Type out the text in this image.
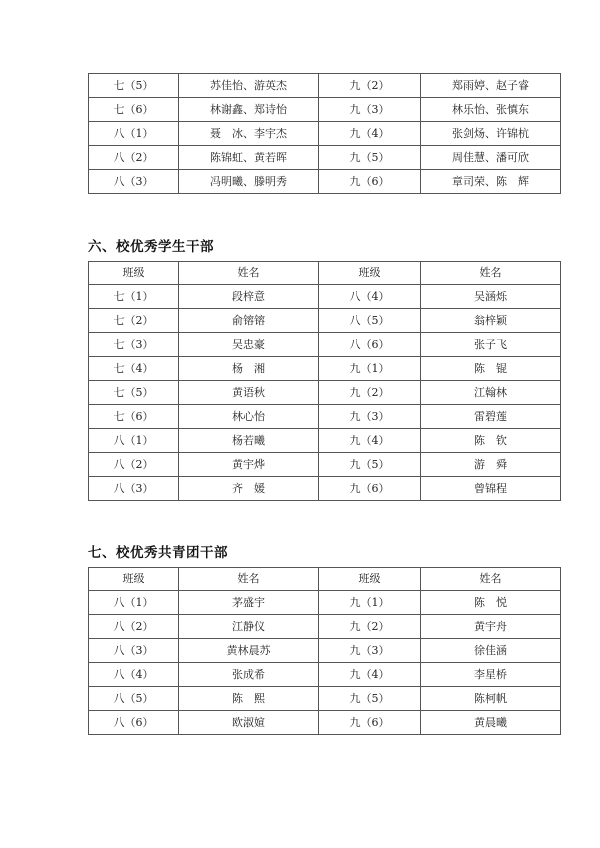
七（5）	苏佳怡、游英杰	九（2）	郑雨婷、赵子睿
七（6）	林谢鑫、郑诗怡	九（3）	林乐怡、张慎东
八（1）	聂　冰、李宇杰	九（4）	张剑炀、许锦杭
八（2）	陈锦虹、黄若晖	九（5）	周佳慧、潘可欣
八（3）	冯明曦、滕明秀	九（6）	章司荣、陈　辉
六、校优秀学生干部
班级	姓名	班级	姓名
七（1）	段梓意	八（4）	吴涵烁
七（2）	俞镕镕	八（5）	翁梓颖
七（3）	吴忠豪	八（6）	张子飞
七（4）	杨　湘	九（1）	陈　锟
七（5）	黄语秋	九（2）	江翰林
七（6）	林心怡	九（3）	雷碧莲
八（1）	杨若曦	九（4）	陈　钦
八（2）	黄宇烨	九（5）	游　舜
八（3）	齐　媛	九（6）	曾锦程
七、校优秀共青团干部
班级	姓名	班级	姓名
八（1）	茅盛宇	九（1）	陈　悦
八（2）	江静仪	九（2）	黄宇舟
八（3）	黄林晨苏	九（3）	徐佳涵
八（4）	张成希	九（4）	李星桥
八（5）	陈　熙	九（5）	陈柯帆
八（6）	欧淑媗	九（6）	黄晨曦
